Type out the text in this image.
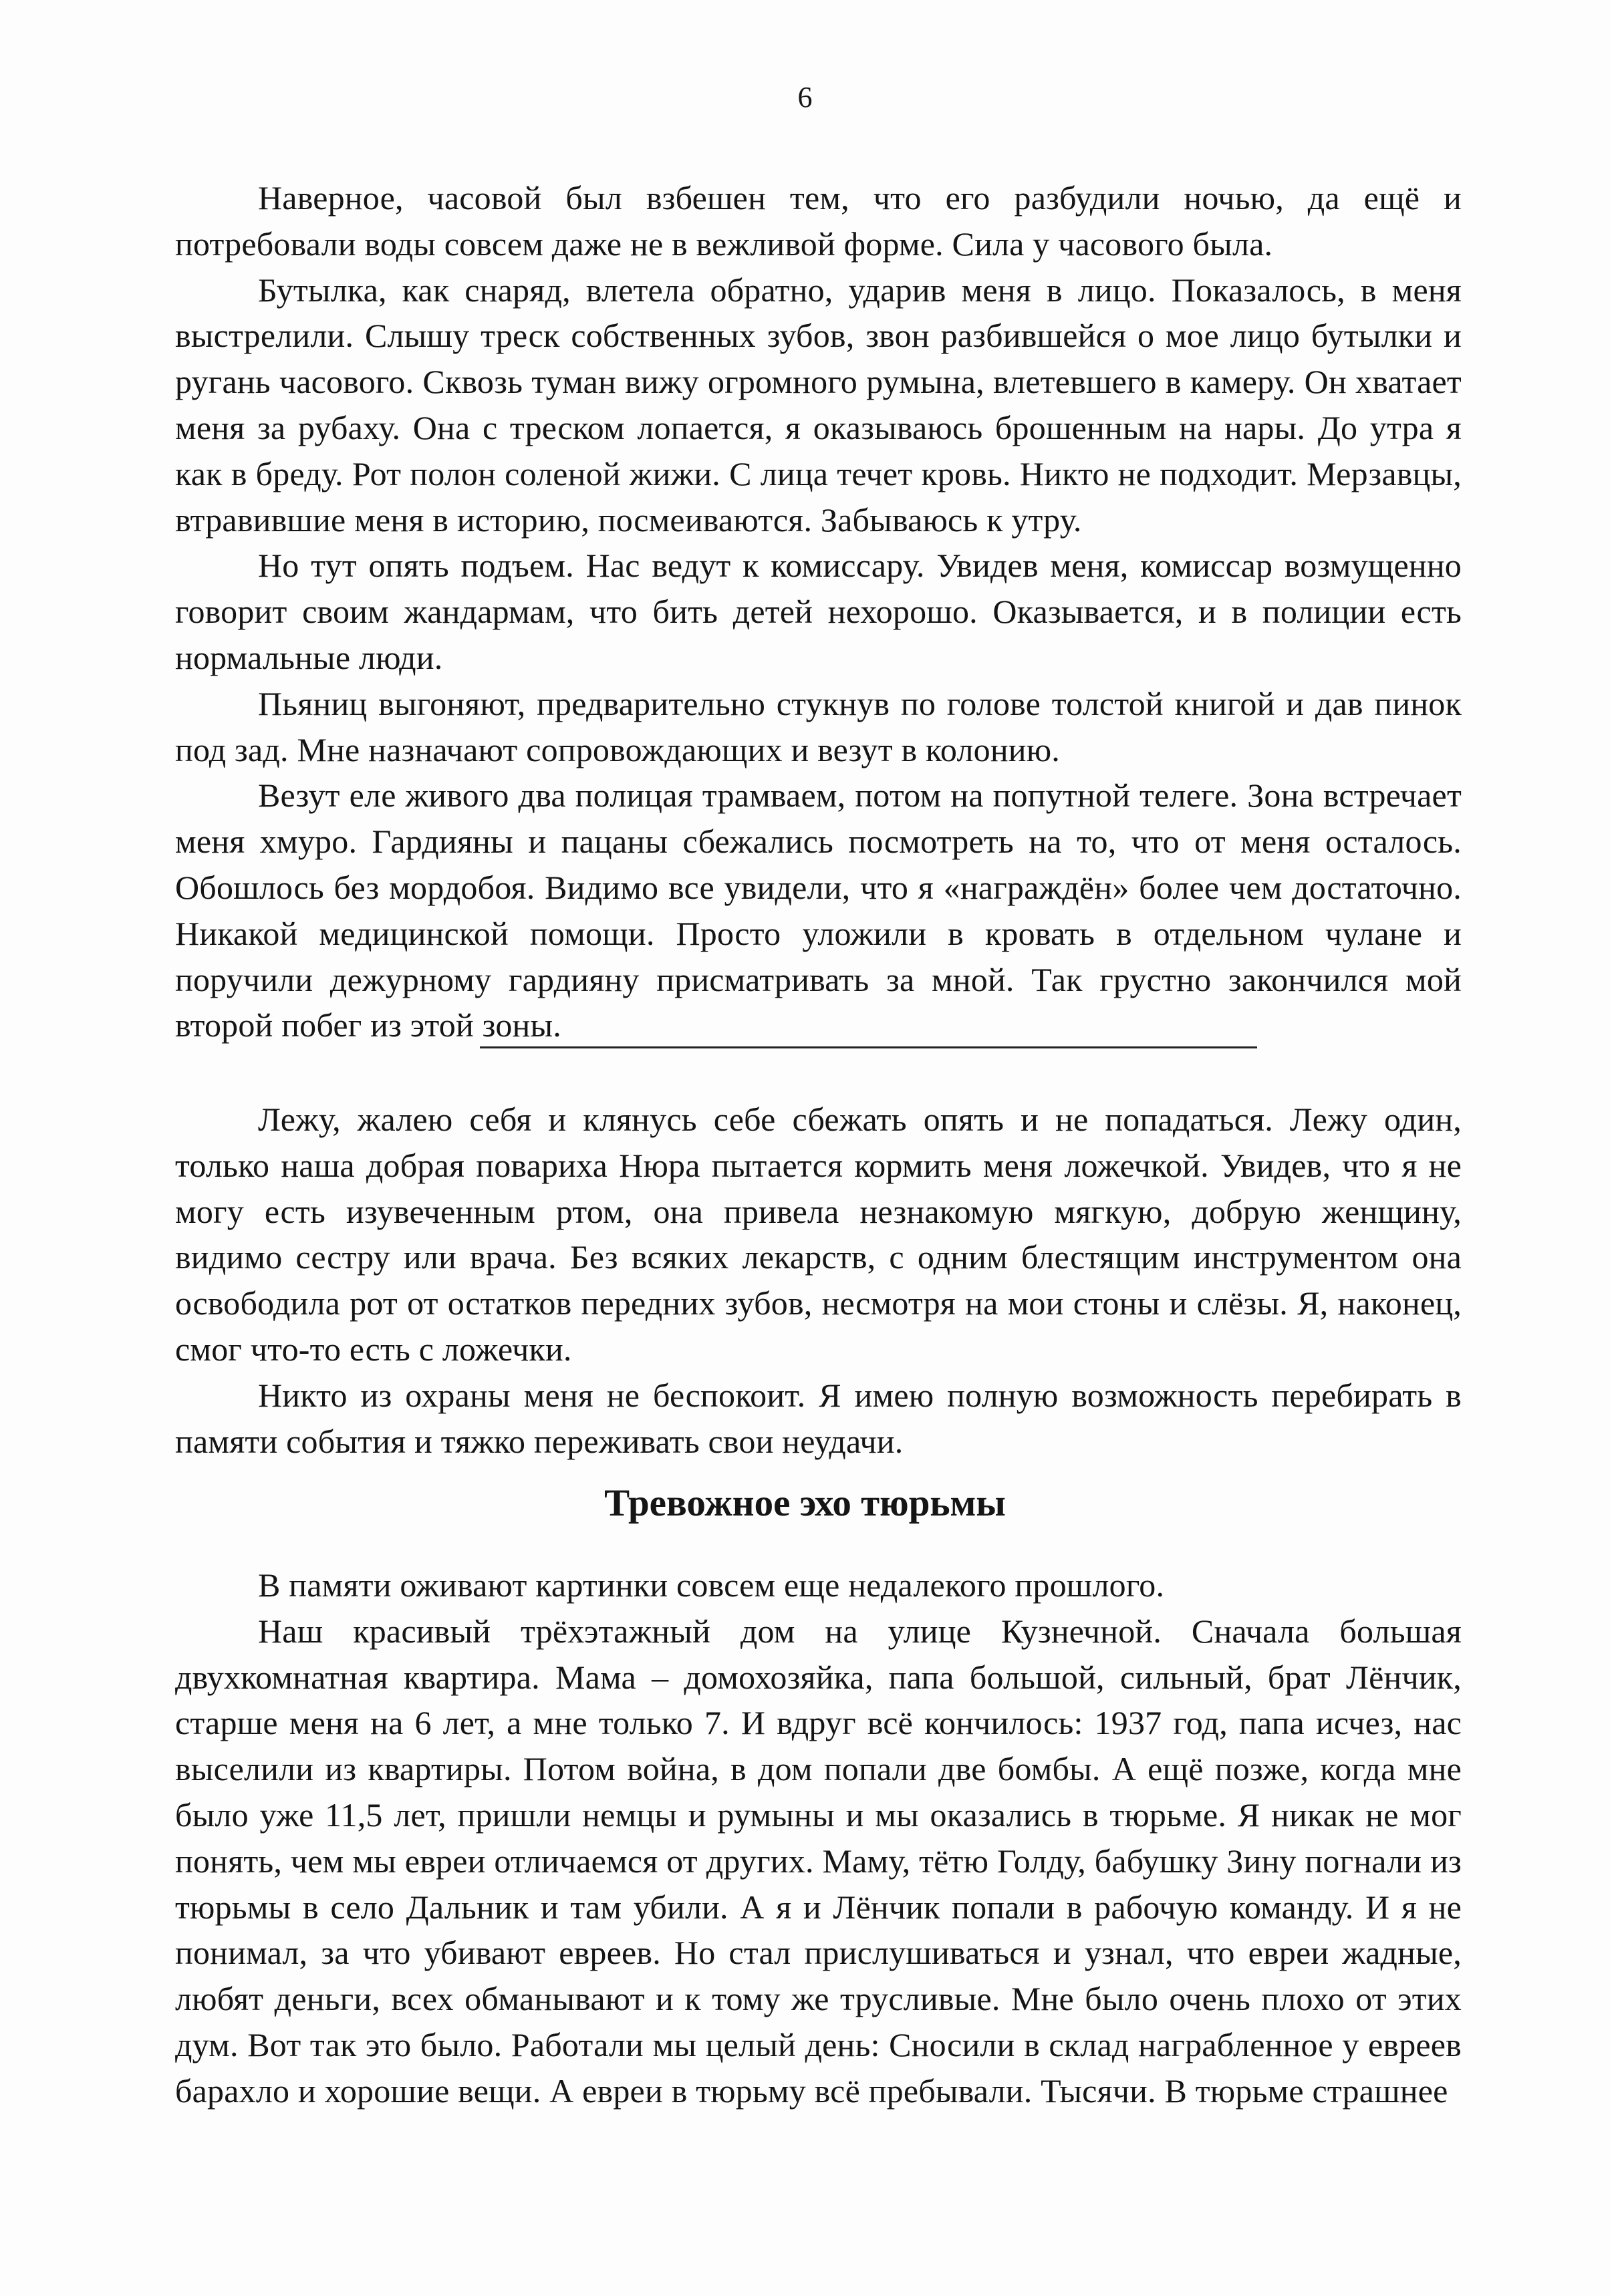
6

Наверное, часовой был взбешен тем, что его разбудили ночью, да ещё и потребовали воды совсем даже не в вежливой форме. Сила у часового была.

Бутылка, как снаряд, влетела обратно, ударив меня в лицо. Показалось, в меня выстрелили. Слышу треск собственных зубов, звон разбившейся о мое лицо бутылки и ругань часового. Сквозь туман вижу огромного румына, влетевшего в камеру. Он хватает меня за рубаху. Она с треском лопается, я оказываюсь брошенным на нары. До утра я как в бреду. Рот полон соленой жижи. С лица течет кровь. Никто не подходит. Мерзавцы, втравившие меня в историю, посмеиваются. Забываюсь к утру.

Но тут опять подъем. Нас ведут к комиссару. Увидев меня, комиссар возмущенно говорит своим жандармам, что бить детей нехорошо. Оказывается, и в полиции есть нормальные люди.

Пьяниц выгоняют, предварительно стукнув по голове толстой книгой и дав пинок под зад. Мне назначают сопровождающих и везут в колонию.

Везут еле живого два полицая трамваем, потом на попутной телеге. Зона встречает меня хмуро. Гардияны и пацаны сбежались посмотреть на то, что от меня осталось. Обошлось без мордобоя. Видимо все увидели, что я «награждён» более чем достаточно. Никакой медицинской помощи. Просто уложили в кровать в отдельном чулане и поручили дежурному гардияну присматривать за мной. Так грустно закончился мой второй побег из этой зоны.

Лежу, жалею себя и клянусь себе сбежать опять и не попадаться. Лежу один, только наша добрая повариха Нюра пытается кормить меня ложечкой. Увидев, что я не могу есть изувеченным ртом, она привела незнакомую мягкую, добрую женщину, видимо сестру или врача. Без всяких лекарств, с одним блестящим инструментом она освободила рот от остатков передних зубов, несмотря на мои стоны и слёзы. Я, наконец, смог что-то есть с ложечки.

Никто из охраны меня не беспокоит. Я имею полную возможность перебирать в памяти события и тяжко переживать свои неудачи.

Тревожное эхо тюрьмы

В памяти оживают картинки совсем еще недалекого прошлого.

Наш красивый трёхэтажный дом на улице Кузнечной. Сначала большая двухкомнатная квартира. Мама – домохозяйка, папа большой, сильный, брат Лёнчик, старше меня на 6 лет, а мне только 7. И вдруг всё кончилось: 1937 год, папа исчез, нас выселили из квартиры. Потом война, в дом попали две бомбы. А ещё позже, когда мне было уже 11,5 лет, пришли немцы и румыны и мы оказались в тюрьме. Я никак не мог понять, чем мы евреи отличаемся от других. Маму, тётю Голду, бабушку Зину погнали из тюрьмы в село Дальник и там убили. А я и Лёнчик попали в рабочую команду. И я не понимал, за что убивают евреев. Но стал прислушиваться и узнал, что евреи жадные, любят деньги, всех обманывают и к тому же трусливые. Мне было очень плохо от этих дум. Вот так это было. Работали мы целый день: Сносили в склад награбленное у евреев барахло и хорошие вещи. А евреи в тюрьму всё пребывали. Тысячи. В тюрьме страшнее
